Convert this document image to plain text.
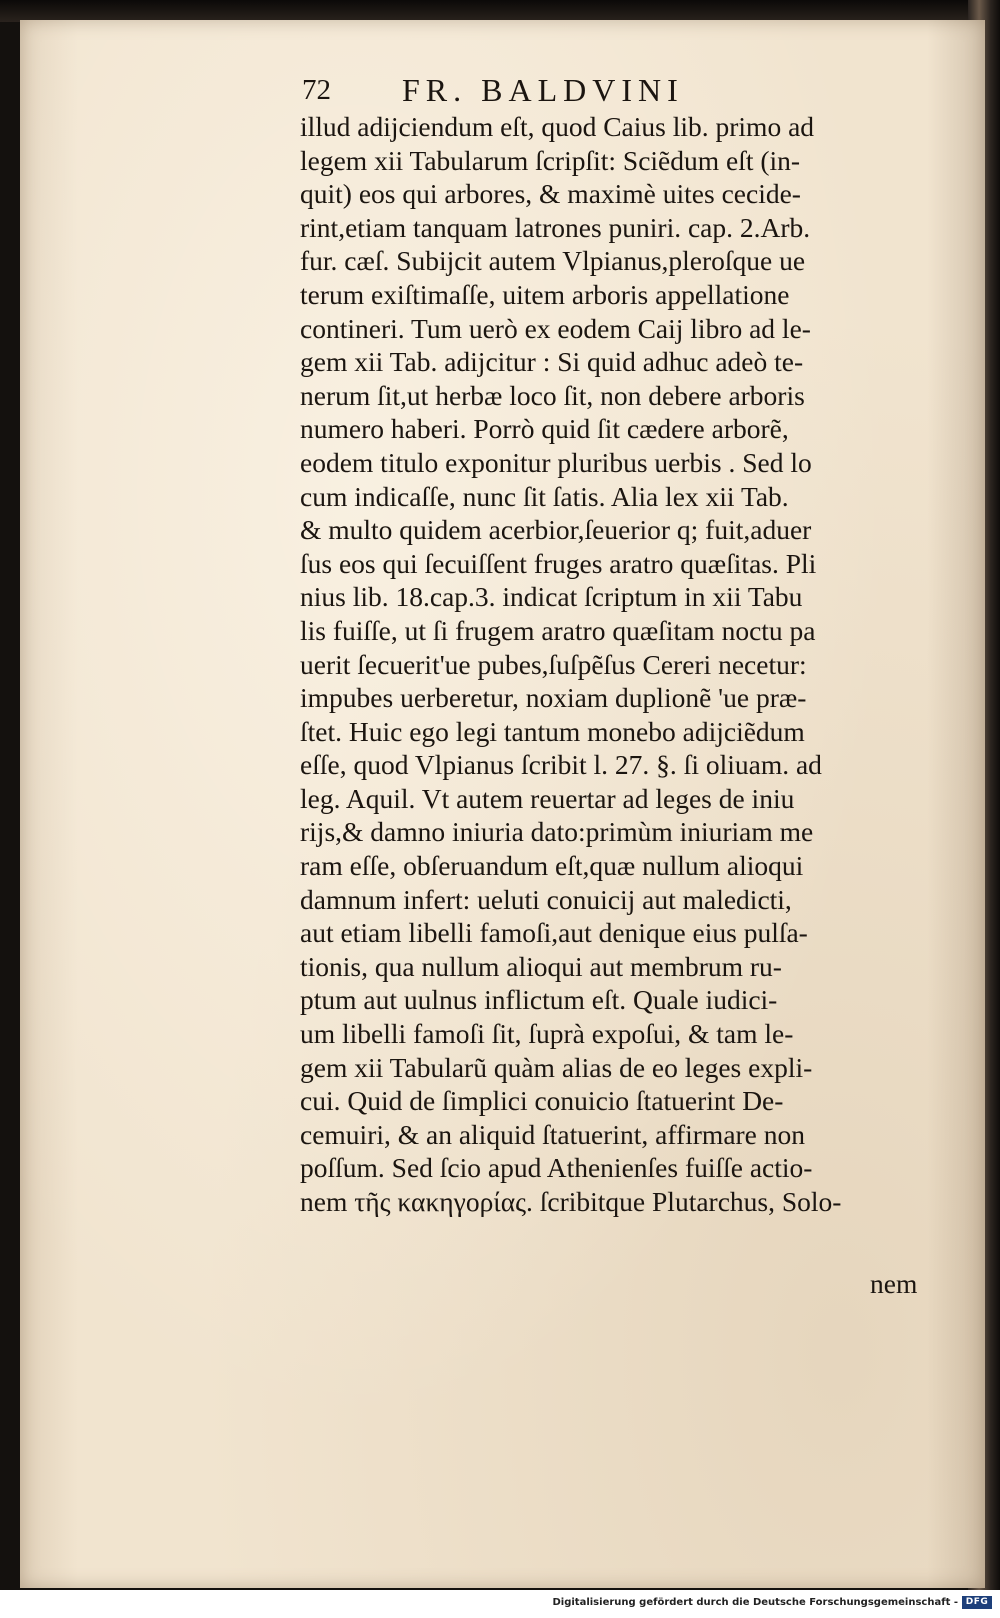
72 FR. BALDVINI
illud adijciendum eſt, quod Caius lib. primo ad
legem xii Tabularum ſcripſit: Sciẽdum eſt (in-
quit) eos qui arbores, & maximè uites cecide-
rint,etiam tanquam latrones puniri. cap. 2.Arb.
fur. cæſ. Subijcit autem Vlpianus,pleroſque ue
terum exiſtimaſſe, uitem arboris appellatione
contineri. Tum uerò ex eodem Caij libro ad le-
gem xii Tab. adijcitur : Si quid adhuc adeò te-
nerum ſit,ut herbæ loco ſit, non debere arboris
numero haberi. Porrò quid ſit cædere arborẽ,
eodem titulo exponitur pluribus uerbis . Sed lo
cum indicaſſe, nunc ſit ſatis. Alia lex xii Tab.
& multo quidem acerbior,ſeuerior q; fuit,aduer
ſus eos qui ſecuiſſent fruges aratro quæſitas. Pli
nius lib. 18.cap.3. indicat ſcriptum in xii Tabu
lis fuiſſe, ut ſi frugem aratro quæſitam noctu pa
uerit ſecuerit'ue pubes,ſuſpẽſus Cereri necetur:
impubes uerberetur, noxiam duplionẽ 'ue præ-
ſtet. Huic ego legi tantum monebo adijciẽdum
eſſe, quod Vlpianus ſcribit l. 27. §. ſi oliuam. ad
leg. Aquil. Vt autem reuertar ad leges de iniu
rijs,& damno iniuria dato:primùm iniuriam me
ram eſſe, obſeruandum eſt,quæ nullum alioqui
damnum infert: ueluti conuicij aut maledicti,
aut etiam libelli famoſi,aut denique eius pulſa-
tionis, qua nullum alioqui aut membrum ru-
ptum aut uulnus inflictum eſt. Quale iudici-
um libelli famoſi ſit, ſuprà expoſui, & tam le-
gem xii Tabularũ quàm alias de eo leges expli-
cui. Quid de ſimplici conuicio ſtatuerint De-
cemuiri, & an aliquid ſtatuerint, affirmare non
poſſum. Sed ſcio apud Athenienſes fuiſſe actio-
nem τῆς κακηγορίας. ſcribitque Plutarchus, Solo-
nem
Digitalisierung gefördert durch die Deutsche Forschungsgemeinschaft - DFG
